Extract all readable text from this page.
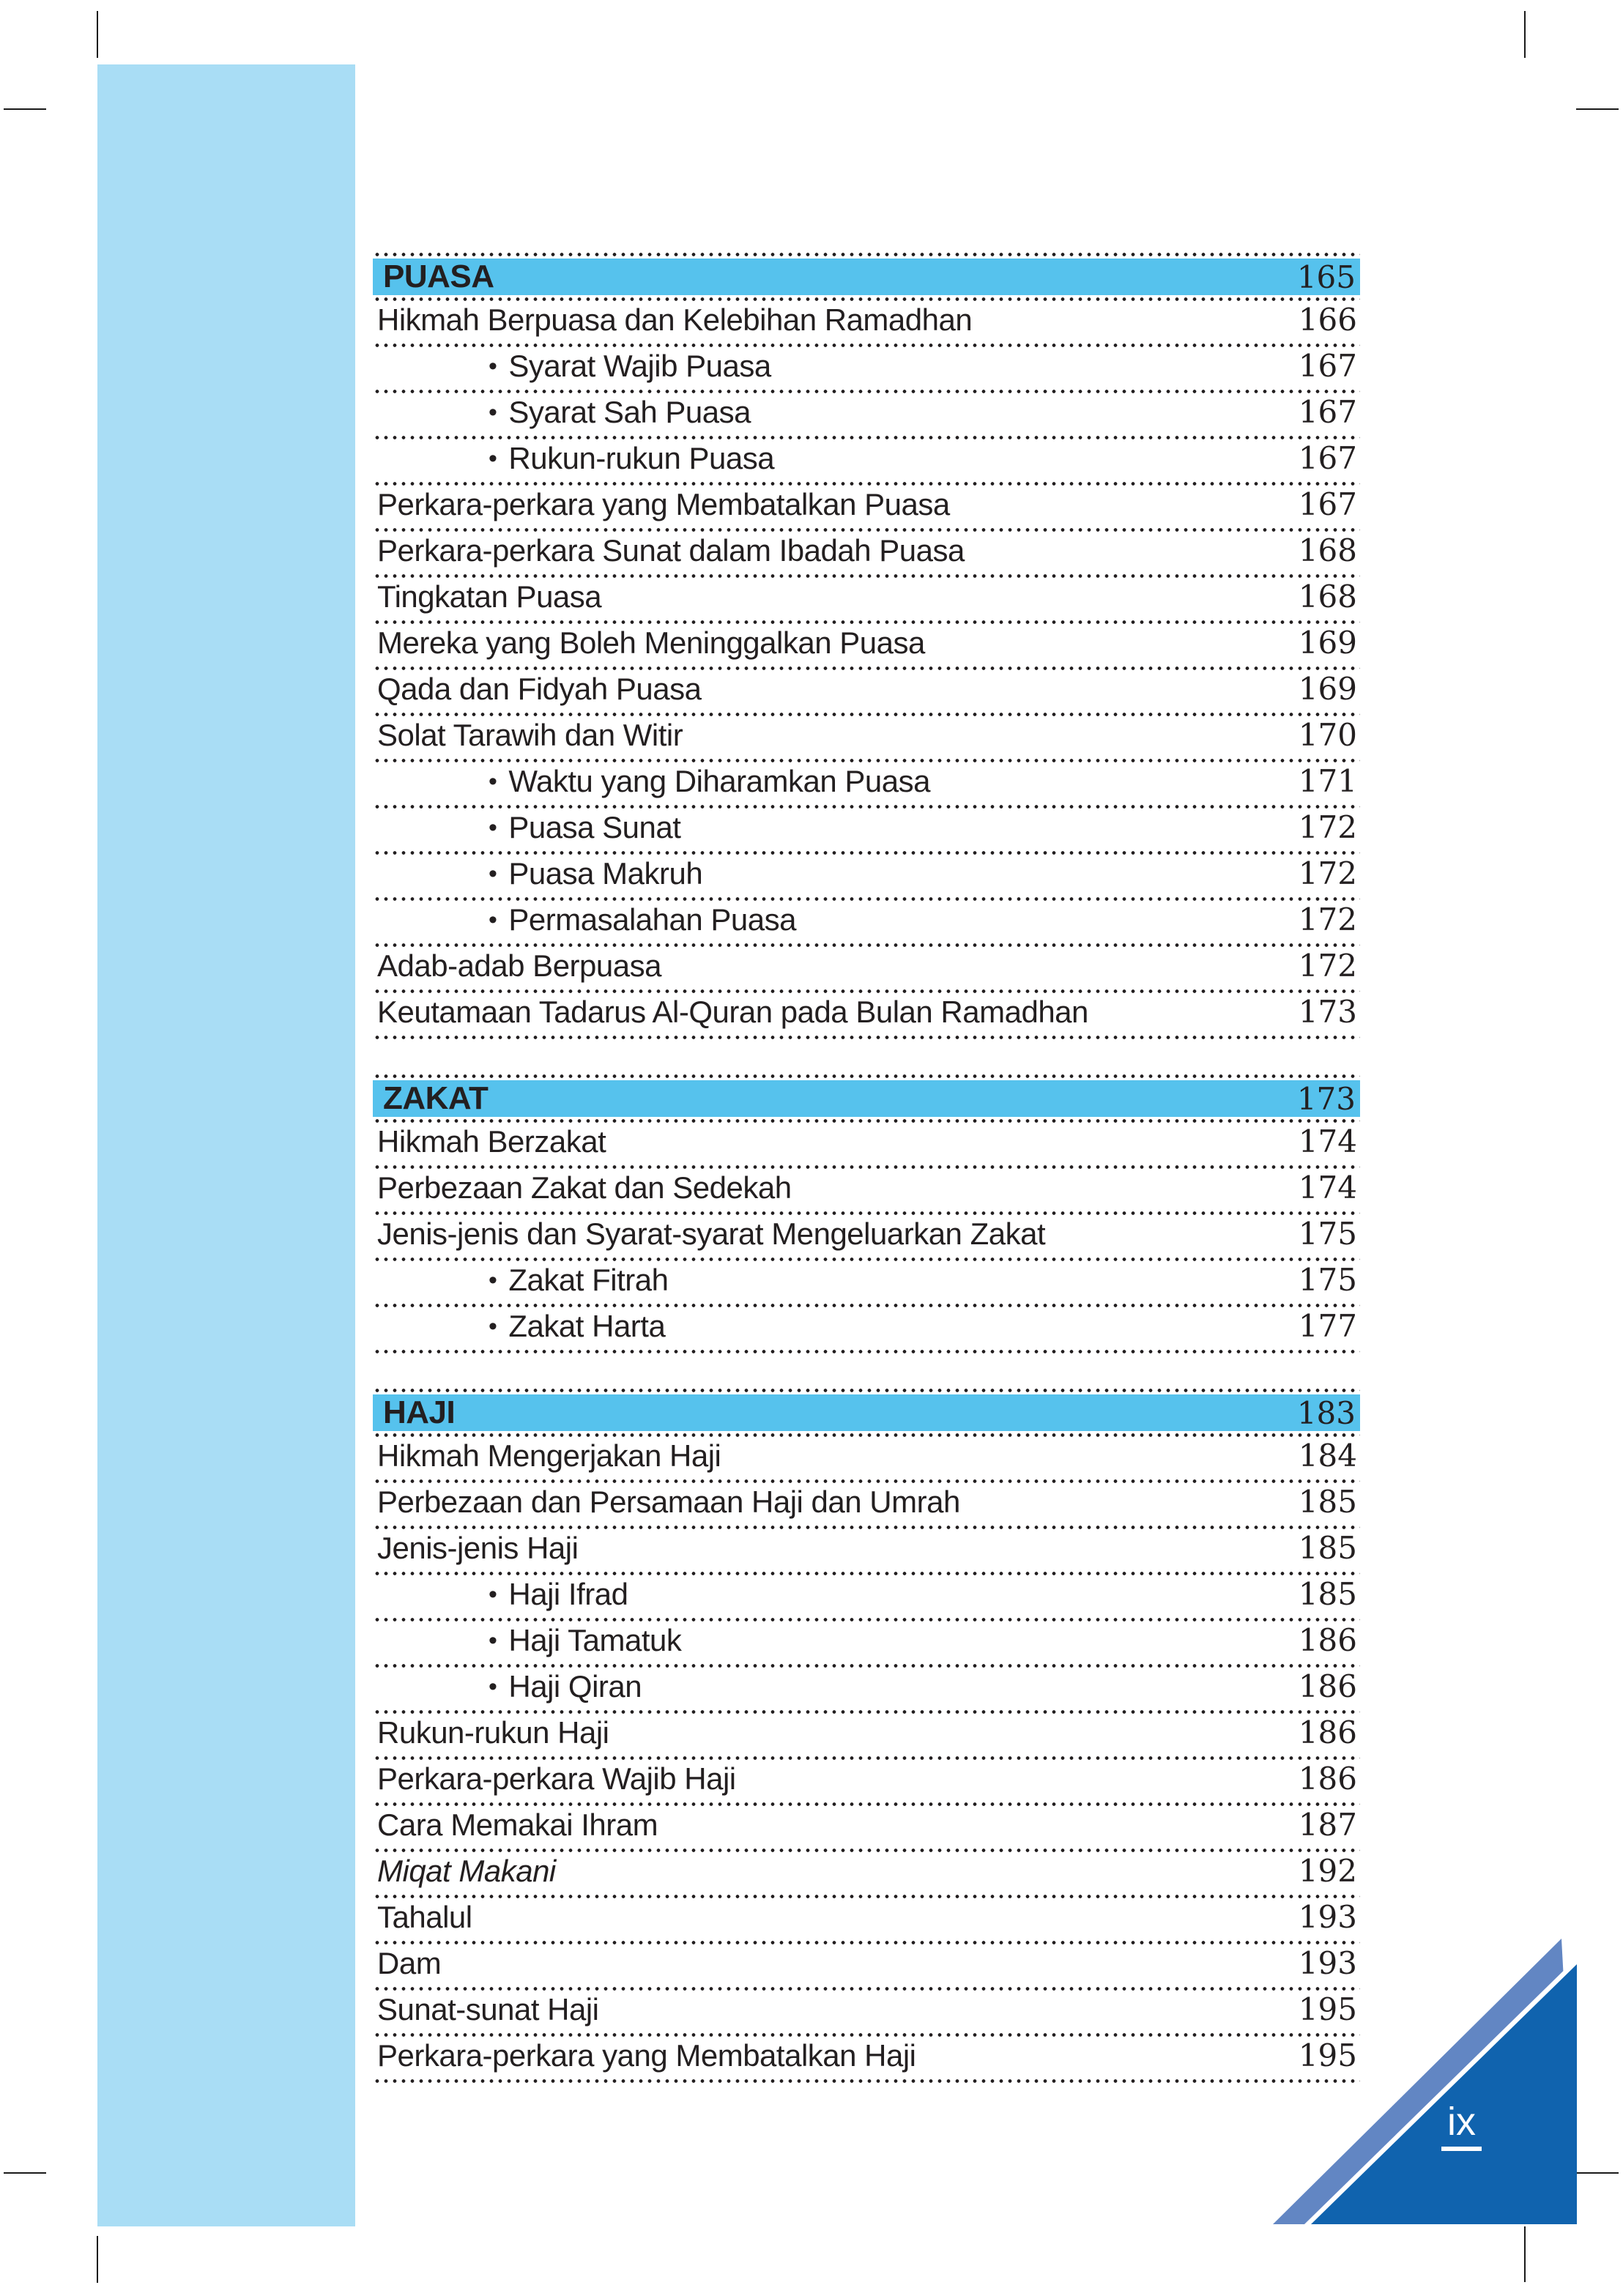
PUASA	165
Hikmah Berpuasa dan Kelebihan Ramadhan	166
• Syarat Wajib Puasa	167
• Syarat Sah Puasa	167
• Rukun-rukun Puasa	167
Perkara-perkara yang Membatalkan Puasa	167
Perkara-perkara Sunat dalam Ibadah Puasa	168
Tingkatan Puasa	168
Mereka yang Boleh Meninggalkan Puasa	169
Qada dan Fidyah Puasa	169
Solat Tarawih dan Witir	170
• Waktu yang Diharamkan Puasa	171
• Puasa Sunat	172
• Puasa Makruh	172
• Permasalahan Puasa	172
Adab-adab Berpuasa	172
Keutamaan Tadarus Al-Quran pada Bulan Ramadhan	173
ZAKAT	173
Hikmah Berzakat	174
Perbezaan Zakat dan Sedekah	174
Jenis-jenis dan Syarat-syarat Mengeluarkan Zakat	175
• Zakat Fitrah	175
• Zakat Harta	177
HAJI	183
Hikmah Mengerjakan Haji	184
Perbezaan dan Persamaan Haji dan Umrah	185
Jenis-jenis Haji	185
• Haji Ifrad	185
• Haji Tamatuk	186
• Haji Qiran	186
Rukun-rukun Haji	186
Perkara-perkara Wajib Haji	186
Cara Memakai Ihram	187
Miqat Makani	192
Tahalul	193
Dam	193
Sunat-sunat Haji	195
Perkara-perkara yang Membatalkan Haji	195
ix
